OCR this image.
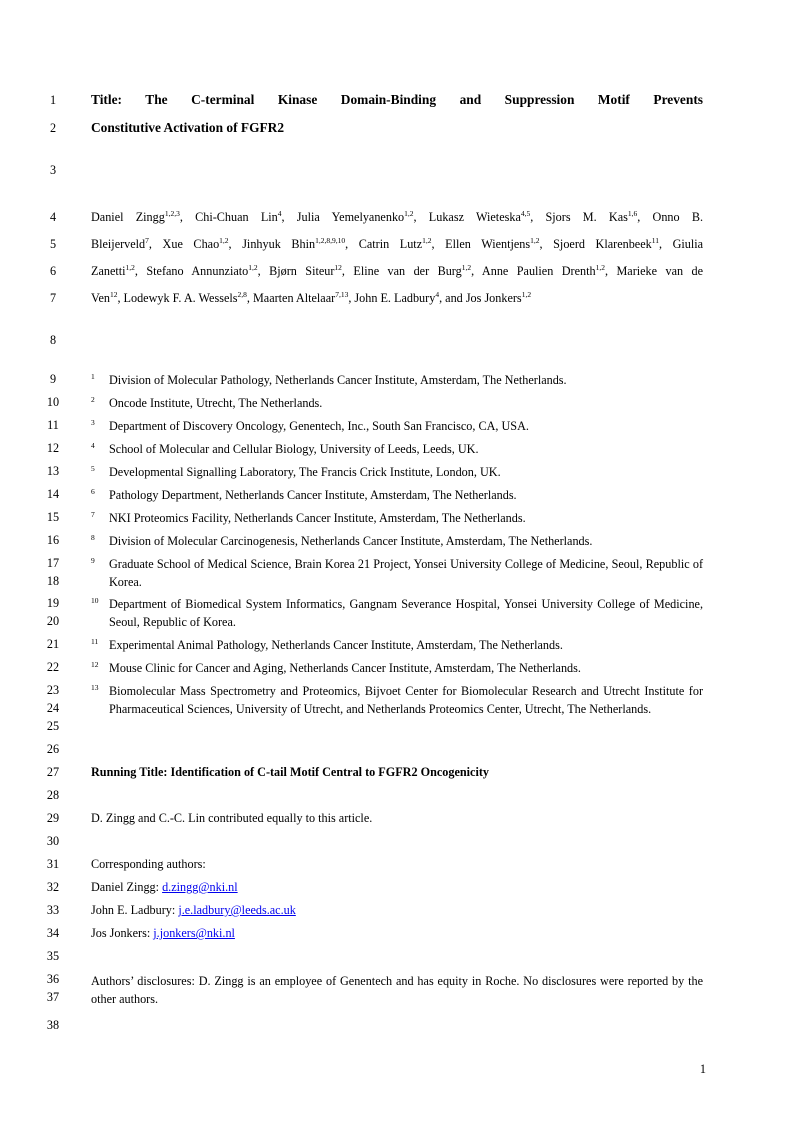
1
2
3
4
5
6
7
8
9
10
11
12
13
14
15
16
17
18
19
20
21
22
23
24
25
26
27
28
29
30
31
32
33
34
35
36
37
38
Title: The C-terminal Kinase Domain-Binding and Suppression Motif Prevents
Constitutive Activation of FGFR2
Daniel Zingg$^{1,2,3}$, Chi-Chuan Lin$^4$, Julia Yemelyanenko$^{1,2}$, Lukasz Wieteska$^{4,5}$, Sjors M. Kas$^{1,6}$, Onno B.
Bleijerveld$^7$, Xue Chao$^{1,2}$, Jinhyuk Bhin$^{1,2,8,9,10}$, Catrin Lutz$^{1,2}$, Ellen Wientjens$^{1,2}$, Sjoerd Klarenbeek$^{11}$, Giulia
Zanetti$^{1,2}$, Stefano Annunziato$^{1,2}$, Bjørn Siteur$^{12}$, Eline van der Burg$^{1,2}$, Anne Paulien Drenth$^{1,2}$, Marieke van de
Ven$^{12}$, Lodewyk F. A. Wessels$^{2,8}$, Maarten Altelaar$^{7,13}$, John E. Ladbury$^4$, and Jos Jonkers$^{1,2}$
1 Division of Molecular Pathology, Netherlands Cancer Institute, Amsterdam, The Netherlands.
2 Oncode Institute, Utrecht, The Netherlands.
3 Department of Discovery Oncology, Genentech, Inc., South San Francisco, CA, USA.
4 School of Molecular and Cellular Biology, University of Leeds, Leeds, UK.
5 Developmental Signalling Laboratory, The Francis Crick Institute, London, UK.
6 Pathology Department, Netherlands Cancer Institute, Amsterdam, The Netherlands.
7 NKI Proteomics Facility, Netherlands Cancer Institute, Amsterdam, The Netherlands.
8 Division of Molecular Carcinogenesis, Netherlands Cancer Institute, Amsterdam, The Netherlands.
9 Graduate School of Medical Science, Brain Korea 21 Project, Yonsei University College of Medicine, Seoul, Republic of Korea.
10 Department of Biomedical System Informatics, Gangnam Severance Hospital, Yonsei University College of Medicine, Seoul, Republic of Korea.
11 Experimental Animal Pathology, Netherlands Cancer Institute, Amsterdam, The Netherlands.
12 Mouse Clinic for Cancer and Aging, Netherlands Cancer Institute, Amsterdam, The Netherlands.
13 Biomolecular Mass Spectrometry and Proteomics, Bijvoet Center for Biomolecular Research and Utrecht Institute for Pharmaceutical Sciences, University of Utrecht, and Netherlands Proteomics Center, Utrecht, The Netherlands.
Running Title: Identification of C-tail Motif Central to FGFR2 Oncogenicity
D. Zingg and C.-C. Lin contributed equally to this article.
Corresponding authors:
Daniel Zingg: d.zingg@nki.nl
John E. Ladbury: j.e.ladbury@leeds.ac.uk
Jos Jonkers: j.jonkers@nki.nl
Authors’ disclosures: D. Zingg is an employee of Genentech and has equity in Roche. No disclosures were reported by the other authors.
1
